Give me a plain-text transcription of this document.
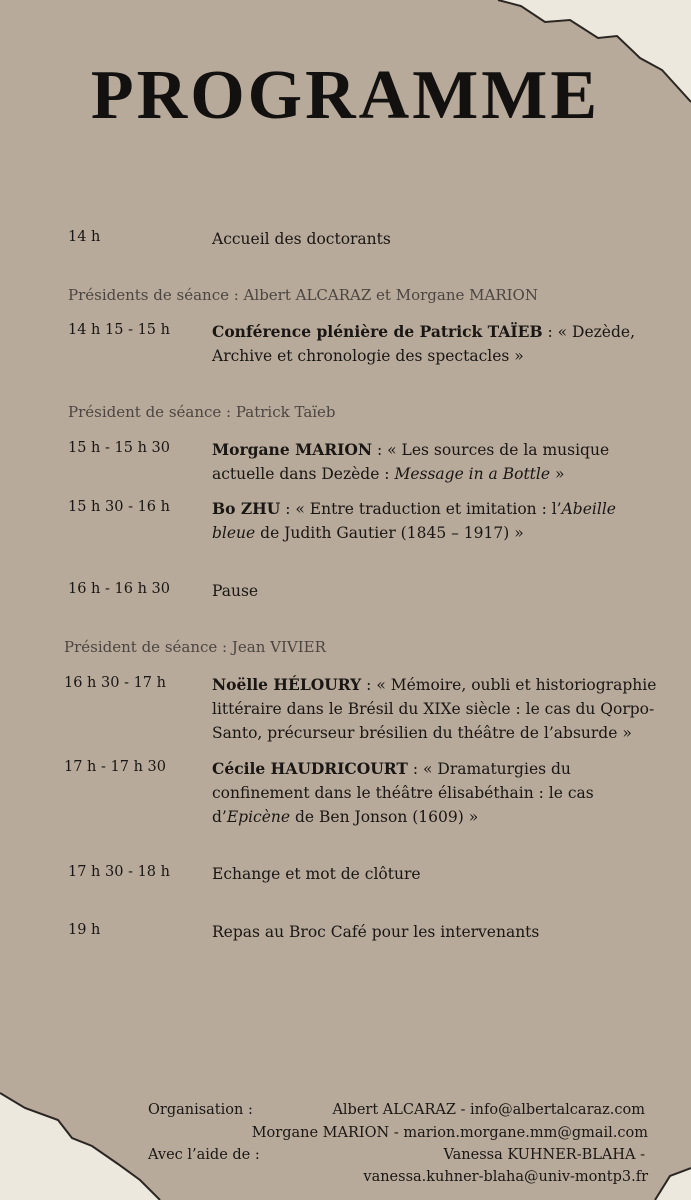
PROGRAMME
14 h	Accueil des doctorants
Présidents de séance : Albert ALCARAZ et Morgane MARION
14 h 15 - 15 h	Conférence plénière de Patrick TAÏEB : « Dezède, Archive et chronologie des spectacles »
Président de séance : Patrick Taïeb
15 h - 15 h 30	Morgane MARION : « Les sources de la musique actuelle dans Dezède : Message in a Bottle »
15 h 30 - 16 h	Bo ZHU : « Entre traduction et imitation : l’Abeille bleue de Judith Gautier (1845 – 1917) »
16 h - 16 h 30	Pause
Président de séance : Jean VIVIER
16 h 30 - 17 h	Noëlle HÉLOURY : « Mémoire, oubli et historiographie littéraire dans le Brésil du XIXe siècle : le cas du Qorpo-Santo, précurseur brésilien du théâtre de l’absurde »
17 h - 17 h 30	Cécile HAUDRICOURT : « Dramaturgies du confinement dans le théâtre élisabéthain : le cas d’Epicène de Ben Jonson (1609) »
17 h 30 - 18 h	Echange et mot de clôture
19 h	Repas au Broc Café pour les intervenants
Organisation :	Albert ALCARAZ - info@albertalcaraz.com
Morgane MARION - marion.morgane.mm@gmail.com
Avec l’aide de :	Vanessa KUHNER-BLAHA -
vanessa.kuhner-blaha@univ-montp3.fr
